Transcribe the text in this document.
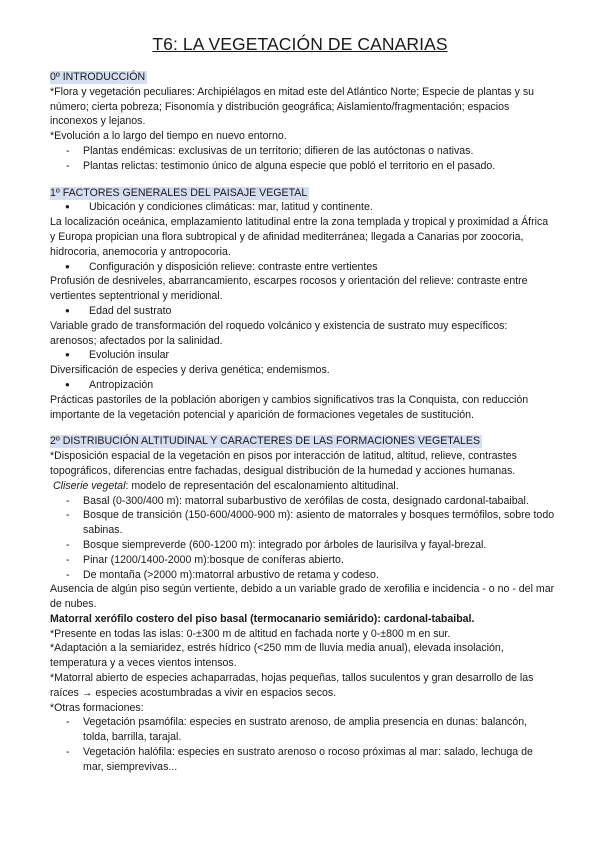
T6: LA VEGETACIÓN DE CANARIAS

0º INTRODUCCIÓN

*Flora y vegetación peculiares: Archipiélagos en mitad este del Atlántico Norte; Especie de plantas y su número; cierta pobreza; Fisonomía y distribución geográfica; Aislamiento/fragmentación; espacios inconexos y lejanos.

*Evolución a lo largo del tiempo en nuevo entorno.

- Plantas endémicas: exclusivas de un territorio; difieren de las autóctonas o nativas.

- Plantas relictas: testimonio único de alguna especie que pobló el territorio en el pasado.

1º FACTORES GENERALES DEL PAISAJE VEGETAL

● Ubicación y condiciones climáticas: mar, latitud y continente.

La localización oceánica, emplazamiento latitudinal entre la zona templada y tropical y proximidad a África y Europa propician una flora subtropical y de afinidad mediterránea; llegada a Canarias por zoocoria, hidrocoria, anemocoria y antropocoria.

● Configuración y disposición relieve: contraste entre vertientes

Profusión de desniveles, abarrancamiento, escarpes rocosos y orientación del relieve: contraste entre vertientes septentrional y meridional.

● Edad del sustrato

Variable grado de transformación del roquedo volcánico y existencia de sustrato muy específicos: arenosos; afectados por la salinidad.

● Evolución insular

Diversificación de especies y deriva genética; endemismos.

● Antropización

Prácticas pastoriles de la población aborigen y cambios significativos tras la Conquista, con reducción importante de la vegetación potencial y aparición de formaciones vegetales de sustitución.

2º DISTRIBUCIÓN ALTITUDINAL Y CARACTERES DE LAS FORMACIONES VEGETALES

*Disposición espacial de la vegetación en pisos por interacción de latitud, altitud, relieve, contrastes topográficos, diferencias entre fachadas, desigual distribución de la humedad y acciones humanas.

Cliserie vegetal: modelo de representación del escalonamiento altitudinal.

- Basal (0-300/400 m): matorral subarbustivo de xerófilas de costa, designado cardonal-tabaibal.

- Bosque de transición (150-600/4000-900 m): asiento de matorrales y bosques termófilos, sobre todo sabinas.

- Bosque siempreverde (600-1200 m): integrado por árboles de laurisilva y fayal-brezal.

- Pinar (1200/1400-2000 m):bosque de coníferas abierto.

- De montaña (>2000 m):matorral arbustivo de retama y codeso.

Ausencia de algún piso según vertiente, debido a un variable grado de xerofilia e incidencia - o no - del mar de nubes.

Matorral xerófilo costero del piso basal (termocanario semiárido): cardonal-tabaibal.

*Presente en todas las islas: 0-±300 m de altitud en fachada norte y 0-±800 m en sur.

*Adaptación a la semiaridez, estrés hídrico (<250 mm de lluvia media anual), elevada insolación, temperatura y a veces vientos intensos.

*Matorral abierto de especies achaparradas, hojas pequeñas, tallos suculentos y gran desarrollo de las raíces → especies acostumbradas a vivir en espacios secos.

*Otras formaciones:

- Vegetación psamófila: especies en sustrato arenoso, de amplia presencia en dunas: balancón, tolda, barrilla, tarajal.

- Vegetación halófila: especies en sustrato arenoso o rocoso próximas al mar: salado, lechuga de mar, siemprevivas...
